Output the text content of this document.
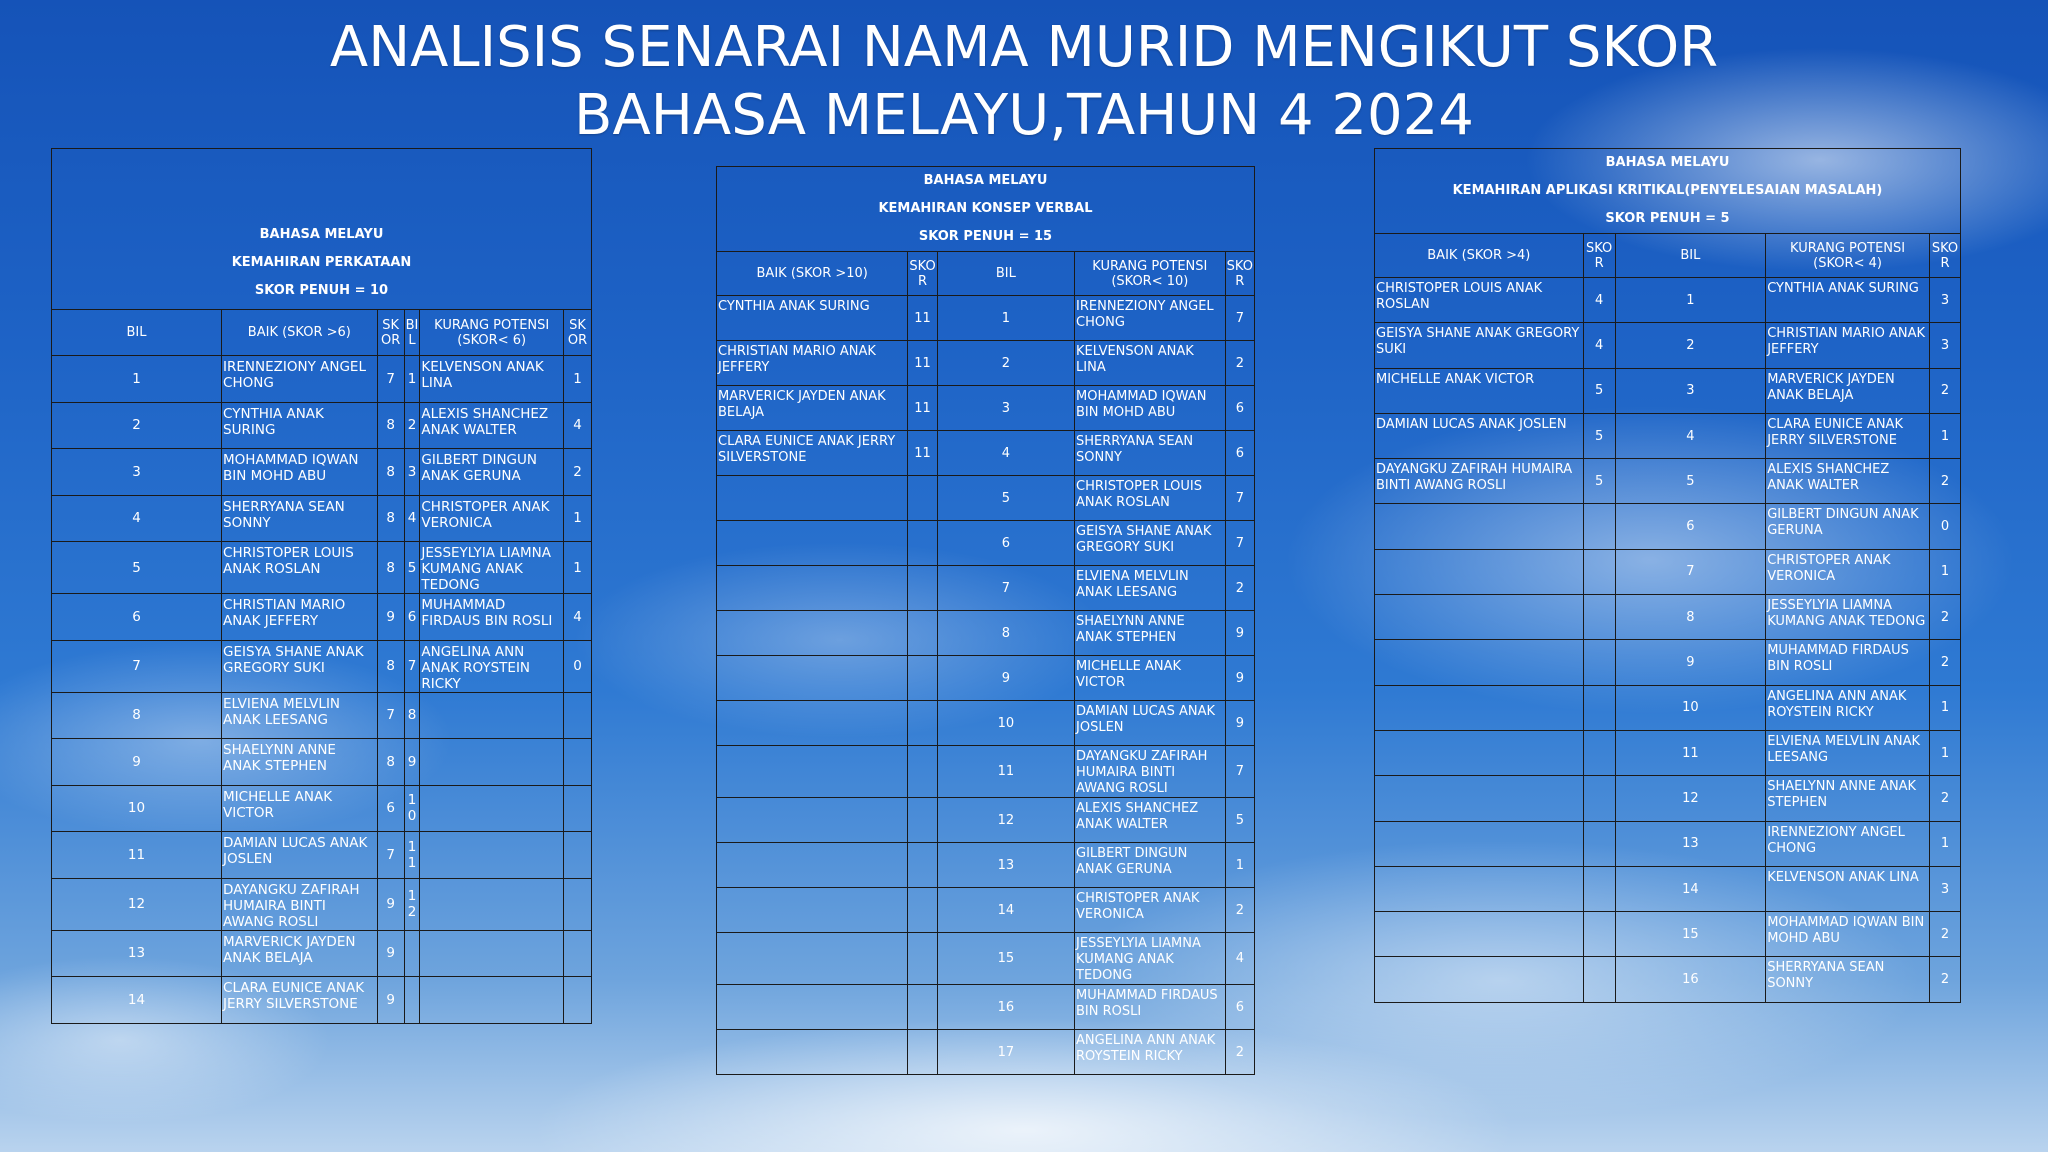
ANALISIS SENARAI NAMA MURID MENGIKUT SKOR
BAHASA MELAYU,TAHUN 4 2024
BAHASA MELAYU
KEMAHIRAN PERKATAAN
SKOR PENUH = 10					

BIL	BAIK (SKOR >6)	SK OR	BI L	KURANG POTENSI (SKOR< 6)	SK OR
1	IRENNEZIONY ANGEL CHONG	7	1	KELVENSON ANAK LINA	1
2	CYNTHIA ANAK SURING	8	2	ALEXIS SHANCHEZ ANAK WALTER	4
3	MOHAMMAD IQWAN BIN MOHD ABU	8	3	GILBERT DINGUN ANAK GERUNA	2
4	SHERRYANA SEAN SONNY	8	4	CHRISTOPER ANAK VERONICA	1
5	CHRISTOPER LOUIS ANAK ROSLAN	8	5	JESSEYLYIA LIAMNA KUMANG ANAK TEDONG	1
6	CHRISTIAN MARIO ANAK JEFFERY	9	6	MUHAMMAD FIRDAUS BIN ROSLI	4
7	GEISYA SHANE ANAK GREGORY SUKI	8	7	ANGELINA ANN ANAK ROYSTEIN RICKY	0
8	ELVIENA MELVLIN ANAK LEESANG	7	8		
9	SHAELYNN ANNE ANAK STEPHEN	8	9		
10	MICHELLE ANAK VICTOR	6	1 0		
11	DAMIAN LUCAS ANAK JOSLEN	7	1 1		
12	DAYANGKU ZAFIRAH HUMAIRA BINTI AWANG ROSLI	9	1 2		
13	MARVERICK JAYDEN ANAK BELAJA	9			
14	CLARA EUNICE ANAK JERRY SILVERSTONE	9			
BAHASA MELAYU
KEMAHIRAN KONSEP VERBAL
SKOR PENUH = 15				

BAIK (SKOR >10)	SKO R	BIL	KURANG POTENSI (SKOR< 10)	SKO R
CYNTHIA ANAK SURING	11	1	IRENNEZIONY ANGEL CHONG	7
CHRISTIAN MARIO ANAK JEFFERY	11	2	KELVENSON ANAK LINA	2
MARVERICK JAYDEN ANAK BELAJA	11	3	MOHAMMAD IQWAN BIN MOHD ABU	6
CLARA EUNICE ANAK JERRY SILVERSTONE	11	4	SHERRYANA SEAN SONNY	6
		5	CHRISTOPER LOUIS ANAK ROSLAN	7
		6	GEISYA SHANE ANAK GREGORY SUKI	7
		7	ELVIENA MELVLIN ANAK LEESANG	2
		8	SHAELYNN ANNE ANAK STEPHEN	9
		9	MICHELLE ANAK VICTOR	9
		10	DAMIAN LUCAS ANAK JOSLEN	9
		11	DAYANGKU ZAFIRAH HUMAIRA BINTI AWANG ROSLI	7
		12	ALEXIS SHANCHEZ ANAK WALTER	5
		13	GILBERT DINGUN ANAK GERUNA	1
		14	CHRISTOPER ANAK VERONICA	2
		15	JESSEYLYIA LIAMNA KUMANG ANAK TEDONG	4
		16	MUHAMMAD FIRDAUS BIN ROSLI	6
		17	ANGELINA ANN ANAK ROYSTEIN RICKY	2
BAHASA MELAYU
KEMAHIRAN APLIKASI KRITIKAL(PENYELESAIAN MASALAH)
SKOR PENUH = 5				

BAIK (SKOR >4)	SKO R	BIL	KURANG POTENSI (SKOR< 4)	SKO R
CHRISTOPER LOUIS ANAK ROSLAN	4	1	CYNTHIA ANAK SURING	3
GEISYA SHANE ANAK GREGORY SUKI	4	2	CHRISTIAN MARIO ANAK JEFFERY	3
MICHELLE ANAK VICTOR	5	3	MARVERICK JAYDEN ANAK BELAJA	2
DAMIAN LUCAS ANAK JOSLEN	5	4	CLARA EUNICE ANAK JERRY SILVERSTONE	1
DAYANGKU ZAFIRAH HUMAIRA BINTI AWANG ROSLI	5	5	ALEXIS SHANCHEZ ANAK WALTER	2
		6	GILBERT DINGUN ANAK GERUNA	0
		7	CHRISTOPER ANAK VERONICA	1
		8	JESSEYLYIA LIAMNA KUMANG ANAK TEDONG	2
		9	MUHAMMAD FIRDAUS BIN ROSLI	2
		10	ANGELINA ANN ANAK ROYSTEIN RICKY	1
		11	ELVIENA MELVLIN ANAK LEESANG	1
		12	SHAELYNN ANNE ANAK STEPHEN	2
		13	IRENNEZIONY ANGEL CHONG	1
		14	KELVENSON ANAK LINA	3
		15	MOHAMMAD IQWAN BIN MOHD ABU	2
		16	SHERRYANA SEAN SONNY	2
